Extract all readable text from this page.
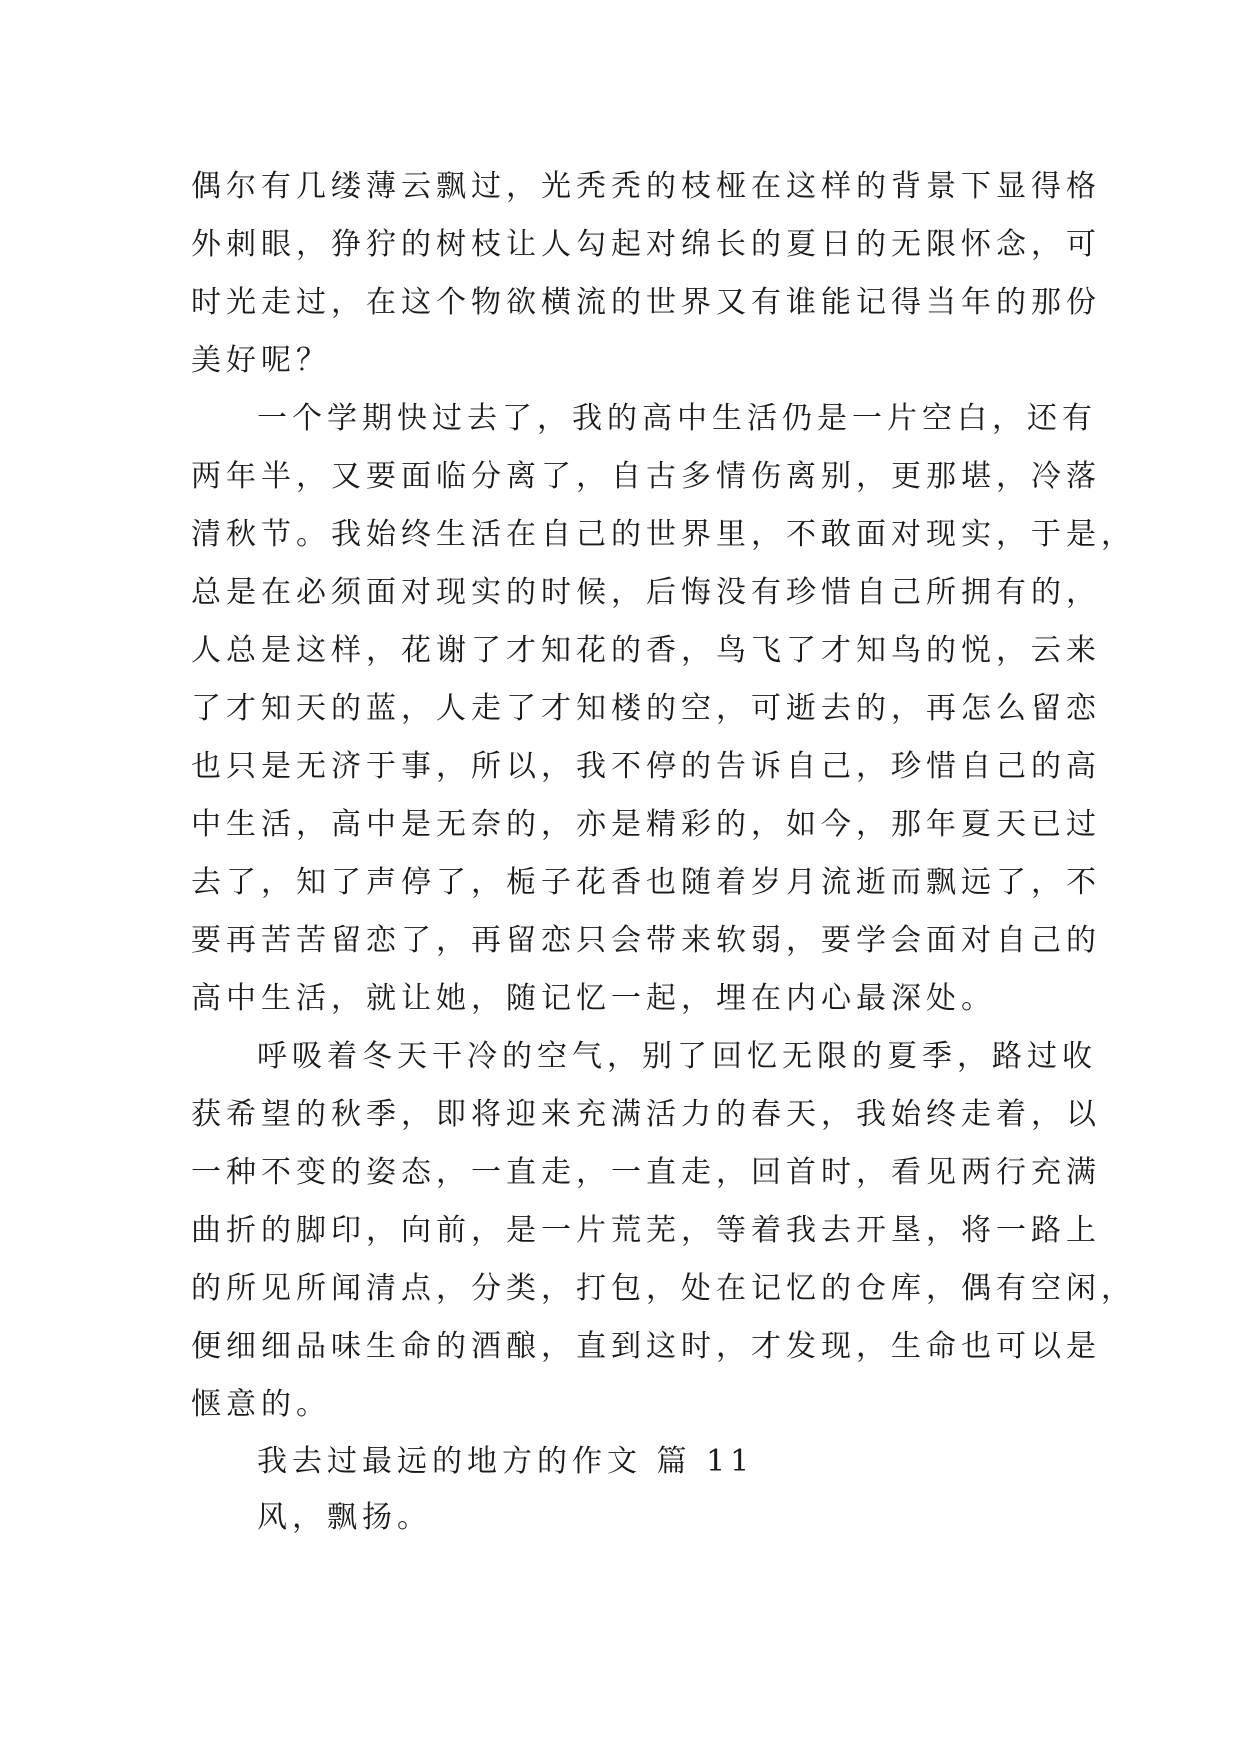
偶尔有几缕薄云飘过，光秃秃的枝桠在这样的背景下显得格
外刺眼，狰狞的树枝让人勾起对绵长的夏日的无限怀念，可
时光走过，在这个物欲横流的世界又有谁能记得当年的那份
美好呢？
一个学期快过去了，我的高中生活仍是一片空白，还有
两年半，又要面临分离了，自古多情伤离别，更那堪，冷落
清秋节。我始终生活在自己的世界里，不敢面对现实，于是，
总是在必须面对现实的时候，后悔没有珍惜自己所拥有的，
人总是这样，花谢了才知花的香，鸟飞了才知鸟的悦，云来
了才知天的蓝，人走了才知楼的空，可逝去的，再怎么留恋
也只是无济于事，所以，我不停的告诉自己，珍惜自己的高
中生活，高中是无奈的，亦是精彩的，如今，那年夏天已过
去了，知了声停了，栀子花香也随着岁月流逝而飘远了，不
要再苦苦留恋了，再留恋只会带来软弱，要学会面对自己的
高中生活，就让她，随记忆一起，埋在内心最深处。
呼吸着冬天干冷的空气，别了回忆无限的夏季，路过收
获希望的秋季，即将迎来充满活力的春天，我始终走着，以
一种不变的姿态，一直走，一直走，回首时，看见两行充满
曲折的脚印，向前，是一片荒芜，等着我去开垦，将一路上
的所见所闻清点，分类，打包，处在记忆的仓库，偶有空闲，
便细细品味生命的酒酿，直到这时，才发现，生命也可以是
惬意的。
我去过最远的地方的作文 篇 11
风，飘扬。
